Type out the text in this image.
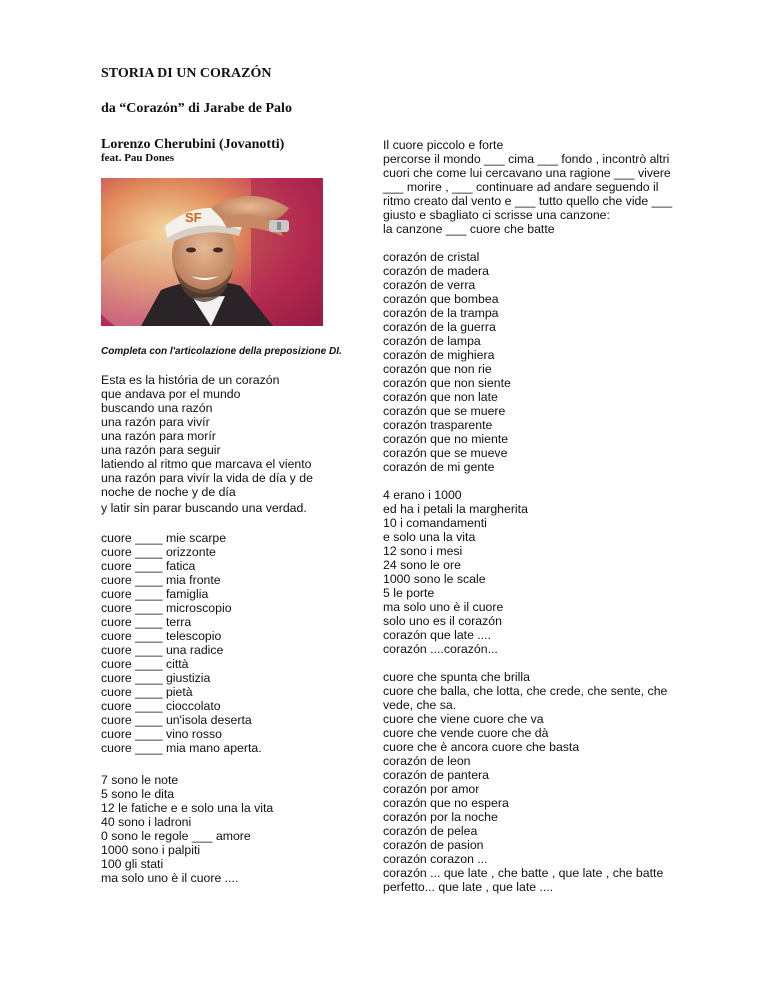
STORIA DI UN CORAZÓN
da “Corazón” di Jarabe de Palo
Lorenzo Cherubini (Jovanotti)
feat. Pau Dones
SF
Completa con l'articolazione della preposizione DI.
Esta es la história de un corazón
que andava por el mundo
buscando una razón
una razón para vivír
una razón para morír
una razón para seguir
latiendo al ritmo que marcava el viento
una razón para vivír la vida de día y de noche de noche y de día
y latir sin parar buscando una verdad.
cuore ____ mie scarpe
cuore ____ orizzonte
cuore ____ fatica
cuore ____ mia fronte
cuore ____ famiglia
cuore ____ microscopio
cuore ____ terra
cuore ____ telescopio
cuore ____ una radice
cuore ____ città
cuore ____ giustizia
cuore ____ pietà
cuore ____ cioccolato
cuore ____ un'isola deserta
cuore ____ vino rosso
cuore ____ mia mano aperta.
7 sono le note
5 sono le dita
12 le fatiche e e solo una la vita
40 sono i ladroni
0 sono le regole ___ amore
1000 sono i palpiti
100 gli stati
ma solo uno è il cuore ....
Il cuore piccolo e forte
percorse il mondo ___ cima ___ fondo , incontrò altri cuori che come lui cercavano una ragione ___ vivere ___ morire , ___ continuare ad andare seguendo il ritmo creato dal vento e ___ tutto quello che vide ___ giusto e sbagliato ci scrisse una canzone:
la canzone ___ cuore che batte
corazón de cristal
corazón de madera
corazón de verra
corazón que bombea
corazón de la trampa
corazón de la guerra
corazón de lampa
corazón de mighiera
corazón que non rie
corazón que non siente
corazón que non late
corazón que se muere
corazón trasparente
corazón que no miente
corazón que se mueve
corazón de mi gente
4 erano i 1000
ed ha i petali la margherita
10 i comandamenti
e solo una la vita
12 sono i mesi
24 sono le ore
1000 sono le scale
5 le porte
ma solo uno è il cuore
solo uno es il corazón
corazón que late ....
corazón ....corazón...
cuore che spunta che brilla
cuore che balla, che lotta, che crede, che sente, che vede, che sa.
cuore che viene cuore che va
cuore che vende cuore che dà
cuore che è ancora cuore che basta
corazón de leon
corazón de pantera
corazón por amor
corazón que no espera
corazón por la noche
corazón de pelea
corazón de pasion
corazón corazon ...
corazón ... que late , che batte , que late , che batte perfetto... que late , que late ....
